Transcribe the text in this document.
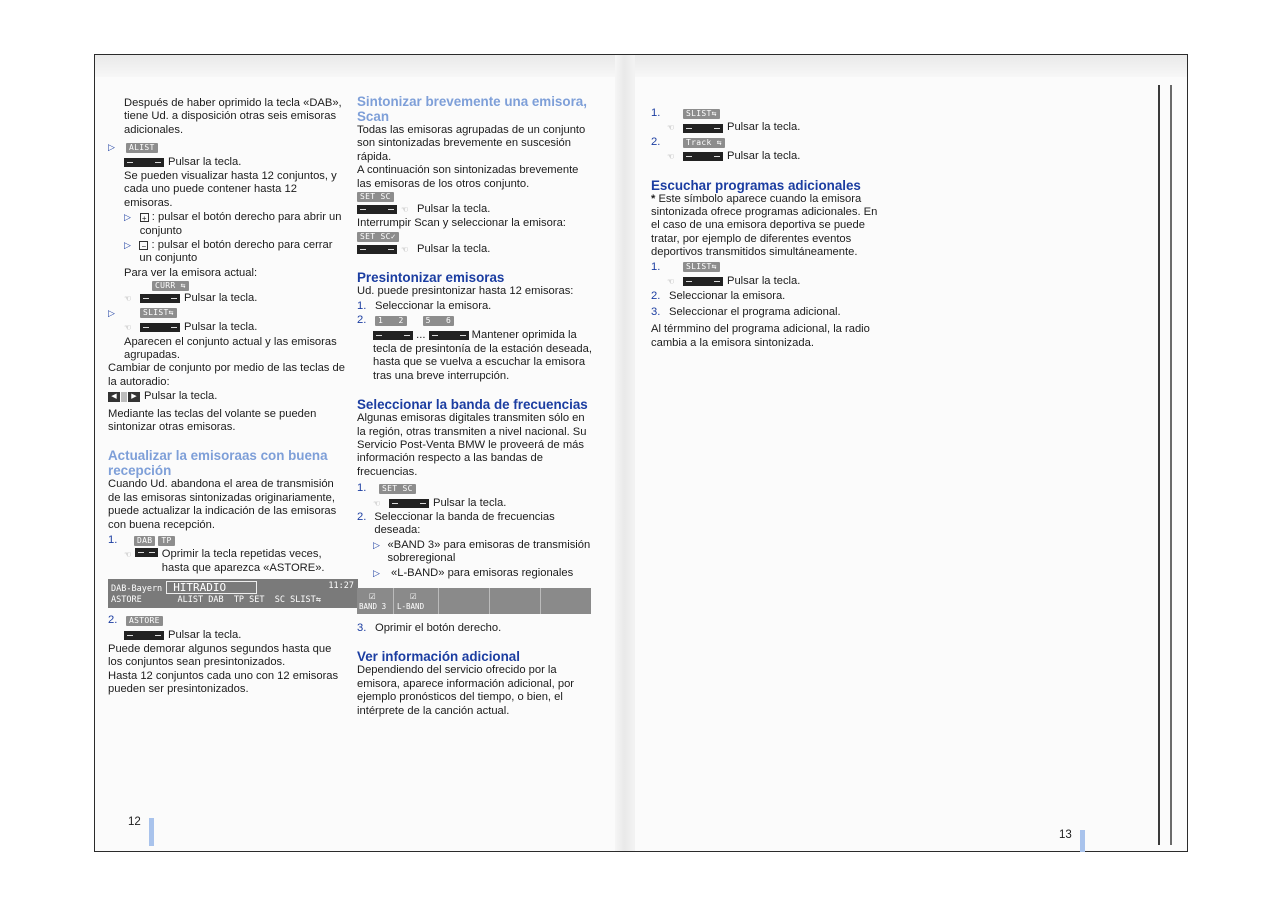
Después de haber oprimido la tecla «DAB», tiene Ud. a disposición otras seis emisoras adicionales.

▷	ALIST
Pulsar la tecla.

Se pueden visualizar hasta 12 conjuntos, y cada uno puede contener hasta 12 emisoras.

▷	+ : pulsar el botón derecho para abrir un conjunto
▷	− : pulsar el botón derecho para cerrar un conjunto

Para ver la emisora actual:

CURR ⇆
☜	Pulsar la tecla.
▷	SLIST⇆
☜	Pulsar la tecla.

Aparecen el conjunto actual y las emisoras agrupadas.

Cambiar de conjunto por medio de las teclas de la autoradio:

◀	▶ Pulsar la tecla.

Mediante las teclas del volante se pueden sintonizar otras emisoras.

Actualizar la emisoraas con buena recepción

Cuando Ud. abandona el area de transmisión de las emisoras sintonizadas originariamente, puede actualizar la indicación de las emisoras con buena recepción.

1.	DAB	TP
☜	Oprimir la tecla repetidas veces, hasta que aparezca «ASTORE».
DAB-Bayern HITRADIO	11:27

ASTORE       ALIST DAB  TP SET  SC SLIST⇆
2.	ASTORE
Pulsar la tecla.

Puede demorar algunos segundos hasta que los conjuntos sean presintonizados.

Hasta 12 conjuntos cada uno con 12 emisoras pueden ser presintonizados.

Sintonizar brevemente una emisora, Scan

Todas las emisoras agrupadas de un conjunto son sintonizadas brevemente en suscesión rápida.

A continuación son sintonizadas brevemente las emisoras de los otros conjunto.

SET SC
☜ Pulsar la tecla.

Interrumpir Scan y seleccionar la emisora:

SET SC✓
☜ Pulsar la tecla.

Presintonizar emisoras

Ud. puede presintonizar hasta 12 emisoras:

1. Seleccionar la emisora.
2.	1   2	5   6
...	Mantener oprimida la tecla de presintonía de la estación deseada, hasta que se vuelva a escuchar la emisora tras una breve interrupción.

Seleccionar la banda de frecuencias

Algunas emisoras digitales transmiten sólo en la región, otras transmiten a nivel nacional. Su Servicio Post-Venta BMW le proveerá de más información respecto a las bandas de frecuencias.

1.	SET SC
☜	Pulsar la tecla.
2. Seleccionar la banda de frecuencias deseada:
▷ «BAND 3» para emisoras de transmisión sobreregional
▷ «L-BAND» para emisoras regionales
☑
BAND 3
☑
L-BAND
3. Oprimir el botón derecho.

Ver información adicional

Dependiendo del servicio ofrecido por la emisora, aparece información adicional, por ejemplo pronósticos del tiempo, o bien, el intérprete de la canción actual.

1.	SLIST⇆
☜	Pulsar la tecla.
2.	Track ⇆
☜	Pulsar la tecla.

Escuchar programas adicionales

* Este símbolo aparece cuando la emisora sintonizada ofrece programas adicionales. En el caso de una emisora deportiva se puede tratar, por ejemplo de diferentes eventos deportivos transmitidos simultáneamente.

1.	SLIST⇆
☜	Pulsar la tecla.
2. Seleccionar la emisora.
3. Seleccionar el programa adicional.

Al térmmino del programa adicional, la radio cambia a la emisora sintonizada.

12
13
